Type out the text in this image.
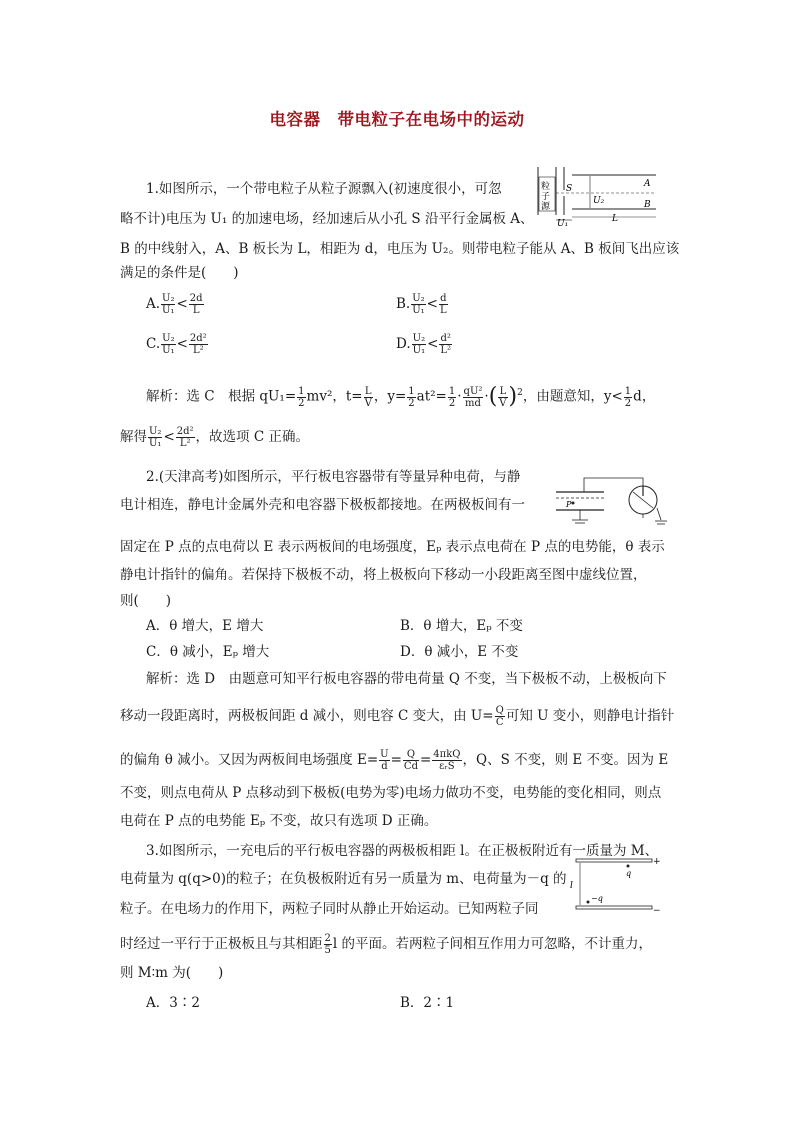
电容器　带电粒子在电场中的运动
1.如图所示，一个带电粒子从粒子源飘入(初速度很小，可忽
略不计)电压为 U₁ 的加速电场，经加速后从小孔 S 沿平行金属板 A、
B 的中线射入，A、B 板长为 L，相距为 d，电压为 U₂。则带电粒子能从 A、B 板间飞出应该
满足的条件是(　　)
粒
子
源
S	A
B
U₂
U₁	L
A. $\frac{\text{U₂}}{\text{U₁}} < \frac{2d}{L}$	B. $\frac{\text{U₂}}{\text{U₁}} < \frac{d}{L}$
C. $\frac{\text{U₂}}{\text{U₁}} < \frac{\text{2d²}}{\text{L²}}$	D. $\frac{\text{U₂}}{\text{U₁}} < \frac{\text{d²}}{\text{L²}}$
解析：选 C　根据 $qU_1= \frac{1}{2} mv^2$，$t= \frac{L}{V}$ ，$y= \frac{1}{2} at^2= \frac{1}{2} \cdot \frac{\text{qU²}}{md}$ ·( $\frac{L}{V} )^2$，由题意知，$y< \frac{1}{2}$ d，
解得 $\frac{\text{U₂}}{\text{U₁}} < \frac{\text{2d²}}{\text{L²}}$ ，故选项 C 正确。
2.(天津高考)如图所示，平行板电容器带有等量异种电荷，与静
电计相连，静电计金属外壳和电容器下极板都接地。在两极板间有一
固定在 P 点的点电荷以 E 表示两板间的电场强度，Eₚ 表示点电荷在 P 点的电势能，θ 表示
静电计指针的偏角。若保持下极板不动，将上极板向下移动一小段距离至图中虚线位置，
则(　　)
P
A．θ 增大，E 增大	B．θ 增大，Eₚ 不变
C．θ 减小，Eₚ 增大	D．θ 减小，E 不变
解析：选 D　由题意可知平行板电容器的带电荷量 Q 不变，当下极板不动，上极板向下
移动一段距离时，两极板间距 d 减小，则电容 C 变大，由 $U= \frac{Q}{C}$ 可知 U 变小，则静电计指针
的偏角 θ 减小。又因为两板间电场强度 $E= \frac{U}{d} = \frac{Q}{Cd} = \frac{\text{4πkQ}}{\text{εᵣS}}$ ，Q、S 不变，则 E 不变。因为 E
不变，则点电荷从 P 点移动到下极板(电势为零)电场力做功不变，电势能的变化相同，则点
电荷在 P 点的电势能 Eₚ 不变，故只有选项 D 正确。
3.如图所示，一充电后的平行板电容器的两极板相距 l。在正极板附近有一质量为 M、
电荷量为 q(q>0)的粒子；在负极板附近有另一质量为 m、电荷量为－q 的
粒子。在电场力的作用下，两粒子同时从静止开始运动。已知两粒子同
时经过一平行于正极板且与其相距 $\frac{2}{5}$ l 的平面。若两粒子间相互作用力可忽略，不计重力，
则 M∶m 为(　　)
+
−
q
−q
l
A．3∶2	B．2∶1
